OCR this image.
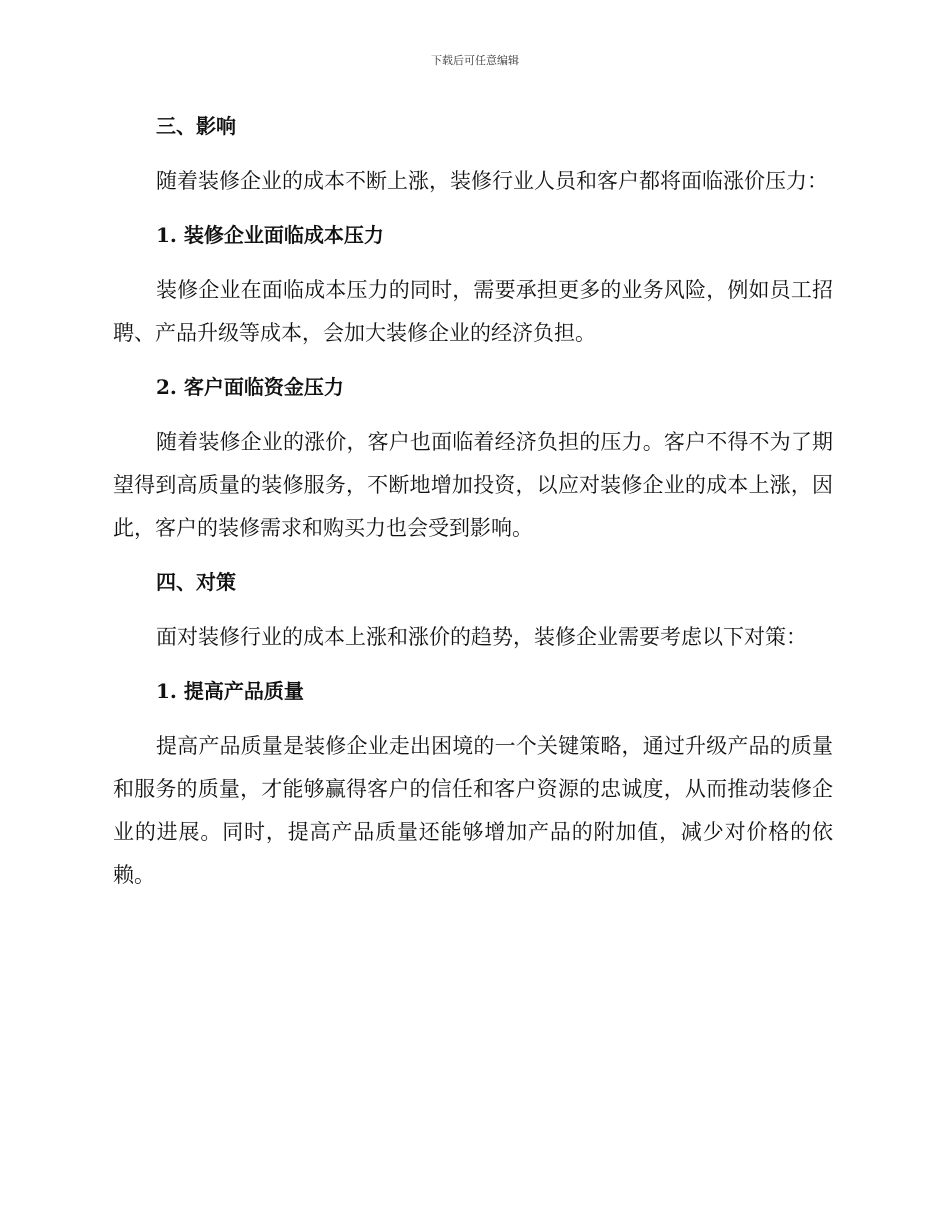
下载后可任意编辑
三、影响

随着装修企业的成本不断上涨，装修行业人员和客户都将面临涨价压力：

1. 装修企业面临成本压力

装修企业在面临成本压力的同时，需要承担更多的业务风险，例如员工招聘、产品升级等成本，会加大装修企业的经济负担。

2. 客户面临资金压力

随着装修企业的涨价，客户也面临着经济负担的压力。客户不得不为了期望得到高质量的装修服务，不断地增加投资，以应对装修企业的成本上涨，因此，客户的装修需求和购买力也会受到影响。

四、对策

面对装修行业的成本上涨和涨价的趋势，装修企业需要考虑以下对策：

1. 提高产品质量

提高产品质量是装修企业走出困境的一个关键策略，通过升级产品的质量和服务的质量，才能够赢得客户的信任和客户资源的忠诚度，从而推动装修企业的进展。同时，提高产品质量还能够增加产品的附加值，减少对价格的依赖。
